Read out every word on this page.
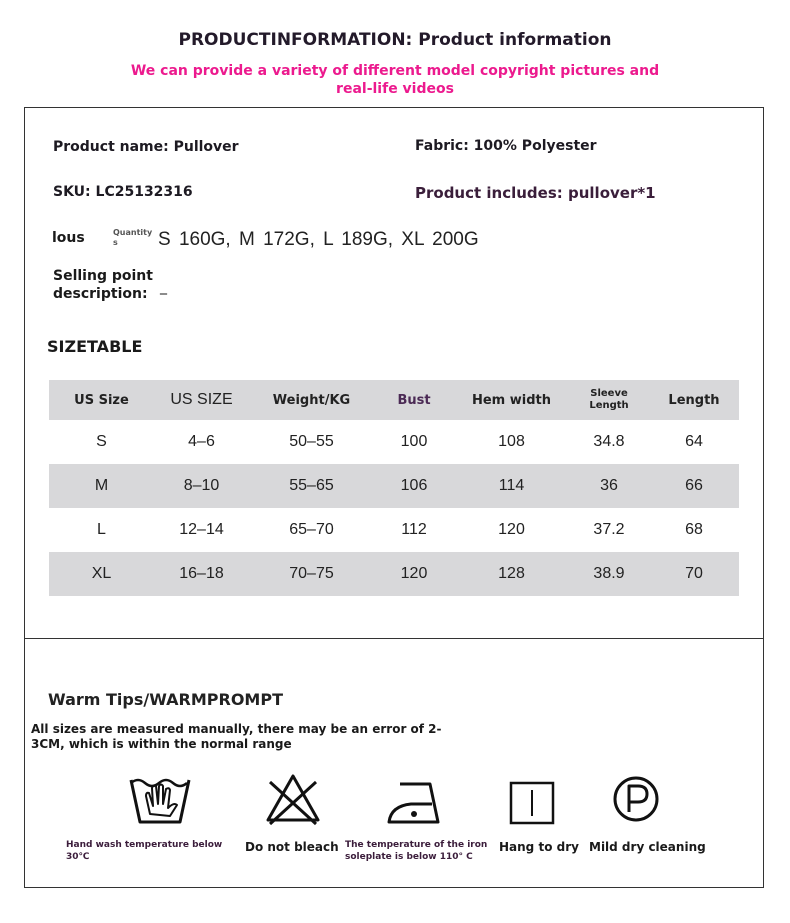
PRODUCTINFORMATION: Product information
We can provide a variety of different model copyright pictures and real-life videos
Product name: Pullover	Fabric: 100% Polyester
SKU: LC25132316	Product includes: pullover*1
lous	Quantity s	S 160G, M 172G, L 189G, XL 200G
Selling point description: _
SIZETABLE
US Size	US SIZE	Weight/KG	Bust	Hem width	Sleeve Length	Length
S	4–6	50–55	100	108	34.8	64
M	8–10	55–65	106	114	36	66
L	12–14	65–70	112	120	37.2	68
XL	16–18	70–75	120	128	38.9	70
Warm Tips/WARMPROMPT
All sizes are measured manually, there may be an error of 2-3CM, which is within the normal range
Hand wash temperature below 30℃
Do not bleach The temperature of the iron soleplate is below 110° C
Hang to dry Mild dry cleaning
